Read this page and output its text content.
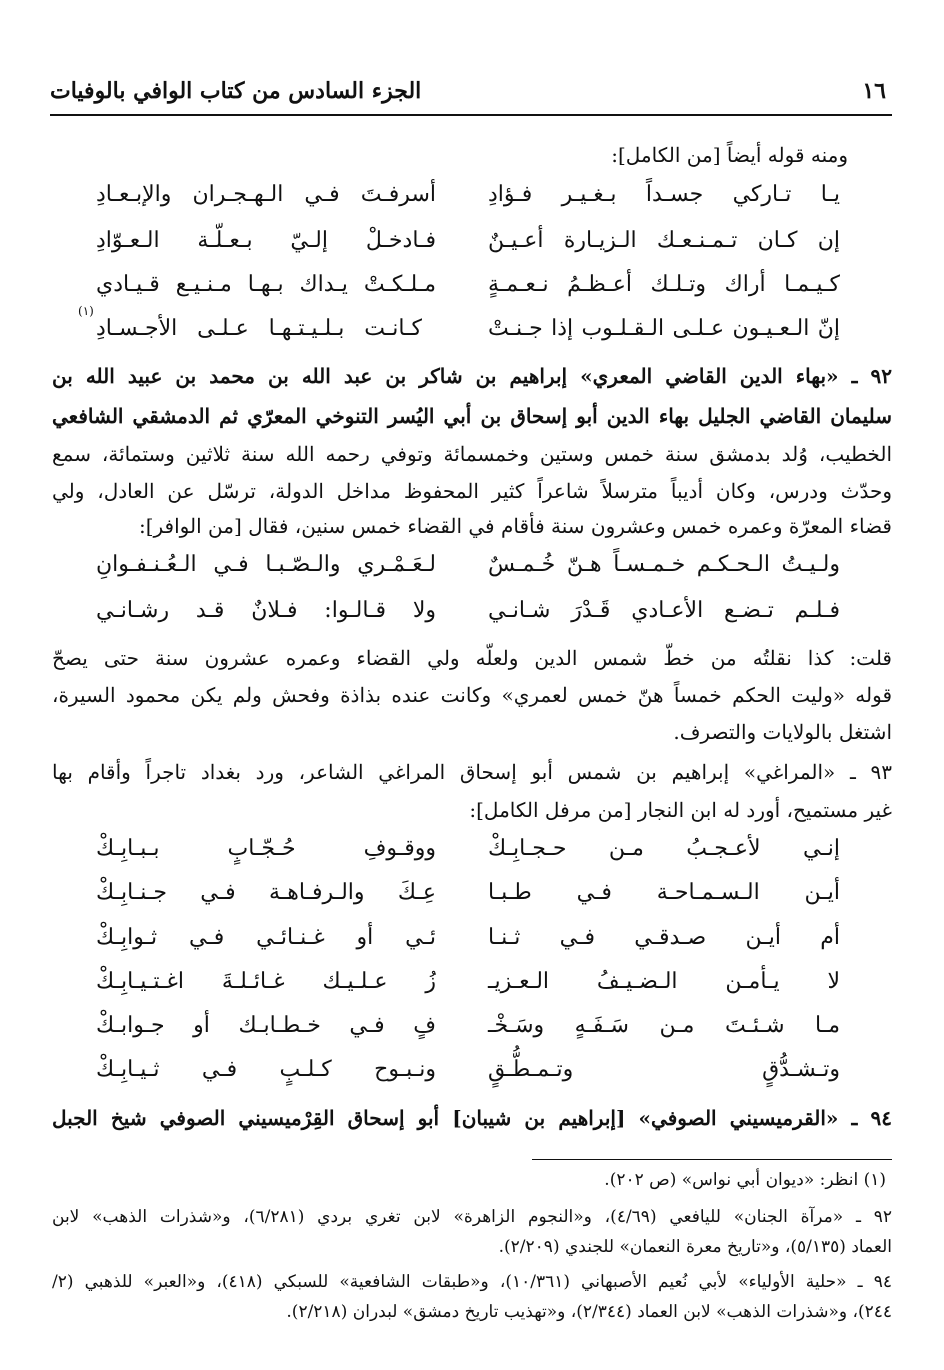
١٦
الجزء السادس من كتاب الوافي بالوفيات
ومنه قوله أيضاً [من الكامل]:
يـا تـاركي جسـداً بـغـيـر فـؤادِ
أسرفـتَ فـي الـهـجـران والإبـعـادِ
إن كـان تـمـنـعـك الـزيـارة أعـيـنٌ
فـادخـلْ إلـيّ بـعـلّـة الـعـوّادِ
كـيـمـا أراك وتـلـك أعـظـمُ نـعـمـةٍ
مـلـكـتْ يـداك بـهـا مـنـيـع قـيـادي
إنّ الـعـيـون عـلـى الـقـلـوب إذا جـنـتْ
كـانـت بـلـيـتـهـا عـلـى الأجـسـادِ
(١)
٩٢ ـ «بهاء الدين القاضي المعري» إبراهيم بن شاكر بن عبد الله بن محمد بن عبيد الله بن
سليمان القاضي الجليل بهاء الدين أبو إسحاق بن أبي اليُسر التنوخي المعرّي ثم الدمشقي الشافعي
الخطيب، وُلد بدمشق سنة خمس وستين وخمسمائة وتوفي رحمه الله سنة ثلاثين وستمائة، سمع
وحدّث ودرس، وكان أديباً مترسلاً شاعراً كثير المحفوظ مداخل الدولة، ترسّل عن العادل، ولي
قضاء المعرّة وعمره خمس وعشرون سنة فأقام في القضاء خمس سنين، فقال [من الوافر]:
ولـيـتُ الـحـكـم خـمـسـاً هـنّ خُـمـسٌ
لـعَـمْـري والـصّـبـا فـي الـعُـنـفـوانِ
فـلـم تـضـع الأعـادي قَـدْرَ شـانـي
ولا قـالـوا: فـلانٌ قـد رشـانـي
قلت: كذا نقلتُه من خطّ شمس الدين ولعلّه ولي القضاء وعمره عشرون سنة حتى يصحّ
قوله «وليت الحكم خمساً هنّ خمس لعمري» وكانت عنده بذاذة وفحش ولم يكن محمود السيرة،
اشتغل بالولايات والتصرف.
٩٣ ـ «المراغي» إبراهيم بن شمس أبو إسحاق المراغي الشاعر، ورد بغداد تاجراً وأقام بها
غير مستميح، أورد له ابن النجار [من مرفل الكامل]:
إنـي لأعـجـبُ مـن حـجـابِـكْ
ووقـوفِ حُـجّـابٍ بـبـابِـكْ
أيـن الـسـمـاحـة فـي طـبـا
عِـكَ والـرفـاهـة فـي جـنـابِـكْ
أم أيـن صـدقـي فـي ثـنـا
ئـي أو غـنـائـي فـي ثـوابِـكْ
لا يـأمـن الـضـيـفُ الـعـزيـ
زُ عـلـيـك غـائـلـةَ اغـتـيـابِـكْ
مـا شـئـتَ مـن سَـفَـهٍ وسَـخْـ
فٍ فـي خـطـابـك أو جـوابـكْ
وتـشـدُّقٍ وتـمـطُّـقٍ
ونـبـوح كـلـبٍ فـي ثـيـابِـكْ
٩٤ ـ «القرميسيني الصوفي» [إبراهيم بن شيبان] أبو إسحاق القِرْميسيني الصوفي شيخ الجبل
(١) انظر: «ديوان أبي نواس» (ص ٢٠٢).
٩٢ ـ «مرآة الجنان» لليافعي (٤/٦٩)، و«النجوم الزاهرة» لابن تغري بردي (٦/٢٨١)، و«شذرات الذهب» لابن
العماد (٥/١٣٥)، و«تاريخ معرة النعمان» للجندي (٢/٢٠٩).
٩٤ ـ «حلية الأولياء» لأبي نُعيم الأصبهاني (١٠/٣٦١)، و«طبقات الشافعية» للسبكي (٤١٨)، و«العبر» للذهبي (٢/
٢٤٤)، و«شذرات الذهب» لابن العماد (٢/٣٤٤)، و«تهذيب تاريخ دمشق» لبدران (٢/٢١٨).
